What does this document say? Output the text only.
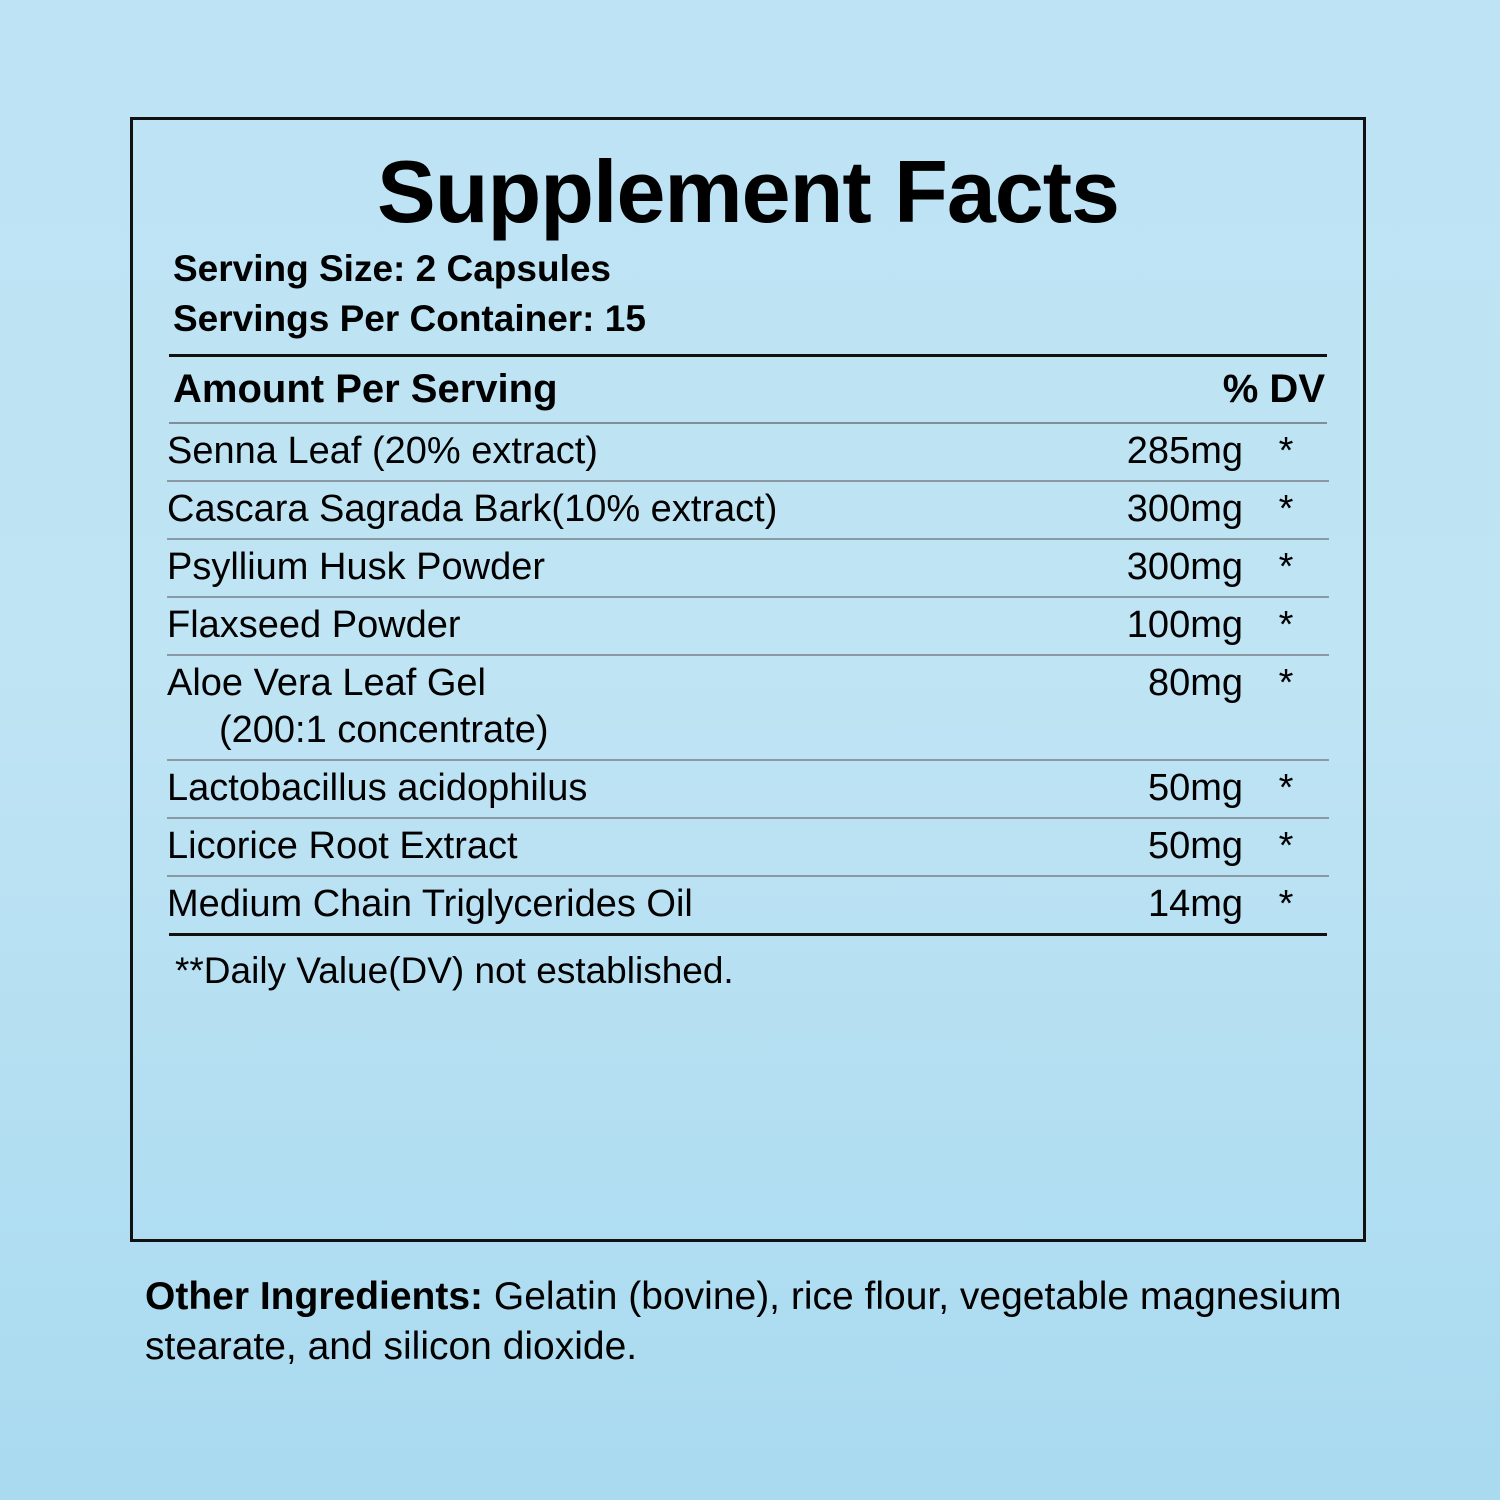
Supplement Facts
Serving Size: 2 Capsules
Servings Per Container: 15
Amount Per Serving	% DV
Senna Leaf (20% extract)	285mg	*
Cascara Sagrada Bark(10% extract)	300mg	*
Psyllium Husk Powder	300mg	*
Flaxseed Powder	100mg	*
Aloe Vera Leaf Gel
(200:1 concentrate)	80mg	*
Lactobacillus acidophilus	50mg	*
Licorice Root Extract	50mg	*
Medium Chain Triglycerides Oil	14mg	*
**Daily Value(DV) not established.
Other Ingredients: Gelatin (bovine), rice flour, vegetable magnesium stearate, and silicon dioxide.
